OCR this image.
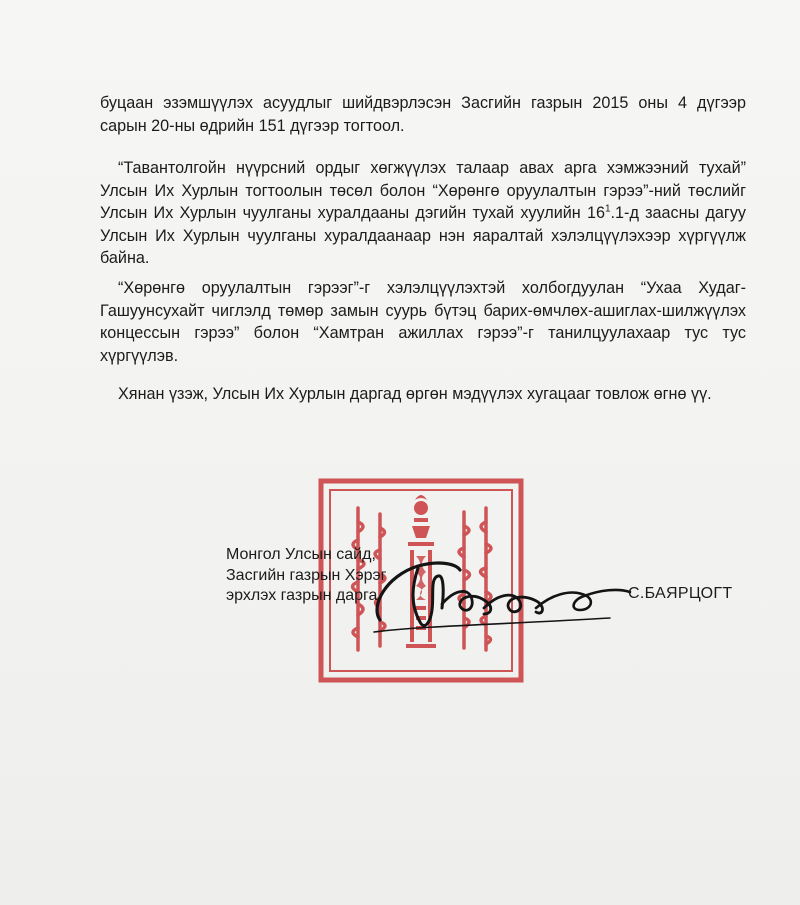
буцаан эзэмшүүлэх асуудлыг шийдвэрлэсэн Засгийн газрын 2015 оны 4 дүгээр сарын 20-ны өдрийн 151 дүгээр тогтоол.

“Тавантолгойн нүүрсний ордыг хөгжүүлэх талаар авах арга хэмжээний тухай” Улсын Их Хурлын тогтоолын төсөл болон “Хөрөнгө оруулалтын гэрээ”-ний төслийг Улсын Их Хурлын чуулганы хуралдааны дэгийн тухай хуулийн $16^1.1-д$ заасны дагуу Улсын Их Хурлын чуулганы хуралдаанаар нэн яаралтай хэлэлцүүлэхээр хүргүүлж байна.

“Хөрөнгө оруулалтын гэрээг”-г хэлэлцүүлэхтэй холбогдуулан “Ухаа Худаг-Гашуунсухайт чиглэлд төмөр замын суурь бүтэц барих-өмчлөх-ашиглах-шилжүүлэх концессын гэрээ” болон “Хамтран ажиллах гэрээ”-г танилцуулахаар тус тус хүргүүлэв.

Хянан үзэж, Улсын Их Хурлын даргад өргөн мэдүүлэх хугацааг товлож өгнө үү.

Монгол Улсын сайд,
Засгийн газрын Хэрэг
эрхлэх газрын дарга	С.БАЯРЦОГТ
